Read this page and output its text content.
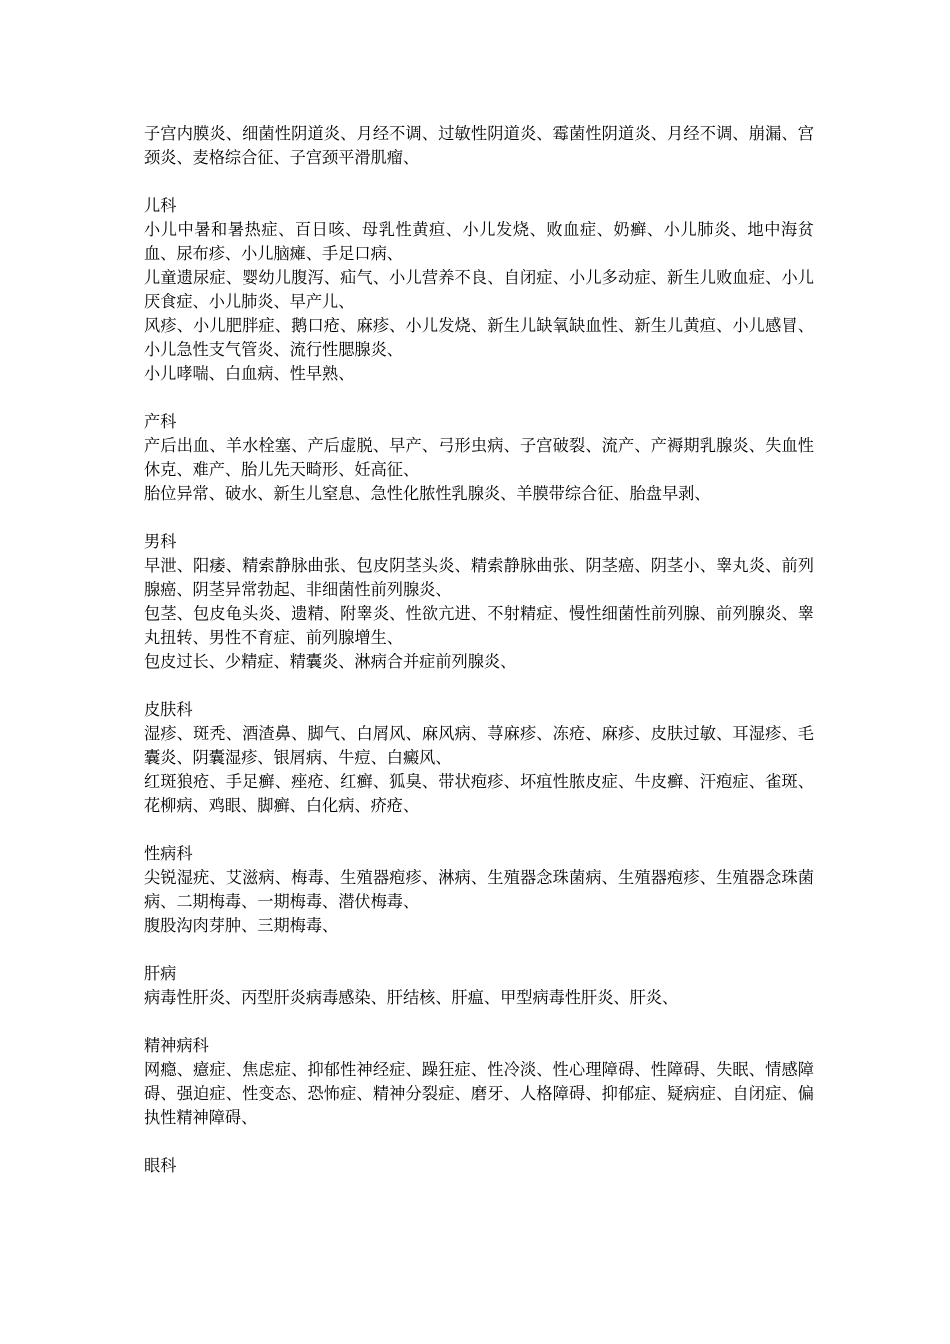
子宫内膜炎、细菌性阴道炎、月经不调、过敏性阴道炎、霉菌性阴道炎、月经不调、崩漏、宫颈炎、麦格综合征、子宫颈平滑肌瘤、

儿科

小儿中暑和暑热症、百日咳、母乳性黄疸、小儿发烧、败血症、奶癣、小儿肺炎、地中海贫血、尿布疹、小儿脑瘫、手足口病、

儿童遗尿症、婴幼儿腹泻、疝气、小儿营养不良、自闭症、小儿多动症、新生儿败血症、小儿厌食症、小儿肺炎、早产儿、

风疹、小儿肥胖症、鹅口疮、麻疹、小儿发烧、新生儿缺氧缺血性、新生儿黄疸、小儿感冒、小儿急性支气管炎、流行性腮腺炎、

小儿哮喘、白血病、性早熟、

产科

产后出血、羊水栓塞、产后虚脱、早产、弓形虫病、子宫破裂、流产、产褥期乳腺炎、失血性休克、难产、胎儿先天畸形、妊高征、

胎位异常、破水、新生儿窒息、急性化脓性乳腺炎、羊膜带综合征、胎盘早剥、

男科

早泄、阳痿、精索静脉曲张、包皮阴茎头炎、精索静脉曲张、阴茎癌、阴茎小、睾丸炎、前列腺癌、阴茎异常勃起、非细菌性前列腺炎、

包茎、包皮龟头炎、遗精、附睾炎、性欲亢进、不射精症、慢性细菌性前列腺、前列腺炎、睾丸扭转、男性不育症、前列腺增生、

包皮过长、少精症、精囊炎、淋病合并症前列腺炎、

皮肤科

湿疹、斑秃、酒渣鼻、脚气、白屑风、麻风病、荨麻疹、冻疮、麻疹、皮肤过敏、耳湿疹、毛囊炎、阴囊湿疹、银屑病、牛痘、白癜风、

红斑狼疮、手足癣、痤疮、红癣、狐臭、带状疱疹、坏疽性脓皮症、牛皮癣、汗疱症、雀斑、花柳病、鸡眼、脚癣、白化病、疥疮、

性病科

尖锐湿疣、艾滋病、梅毒、生殖器疱疹、淋病、生殖器念珠菌病、生殖器疱疹、生殖器念珠菌病、二期梅毒、一期梅毒、潜伏梅毒、

腹股沟肉芽肿、三期梅毒、

肝病

病毒性肝炎、丙型肝炎病毒感染、肝结核、肝瘟、甲型病毒性肝炎、肝炎、

精神病科

网瘾、癔症、焦虑症、抑郁性神经症、躁狂症、性冷淡、性心理障碍、性障碍、失眠、情感障碍、强迫症、性变态、恐怖症、精神分裂症、磨牙、人格障碍、抑郁症、疑病症、自闭症、偏执性精神障碍、

眼科
